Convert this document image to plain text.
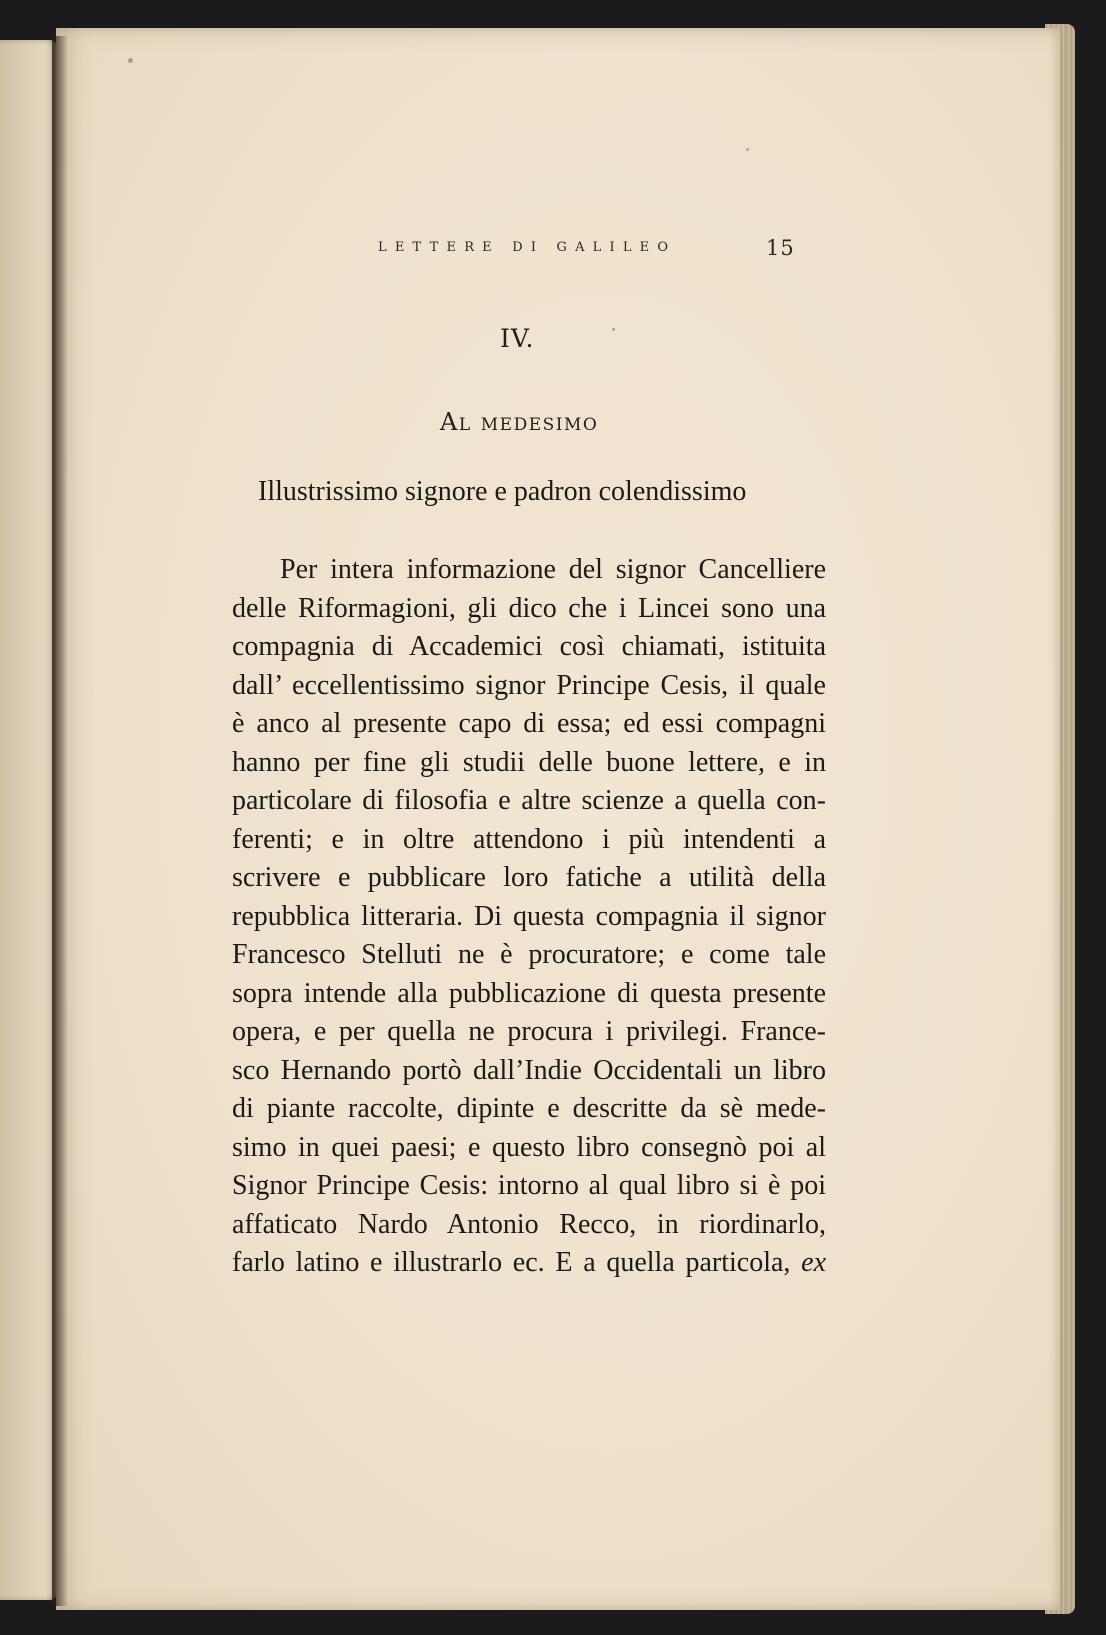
LETTERE DI GALILEO	15
IV.
Al medesimo
Illustrissimo signore e padron colendissimo
Per intera informazione del signor Cancelliere
delle Riformagioni, gli dico che i Lincei sono una
compagnia di Accademici così chiamati, istituita
dall’ eccellentissimo signor Principe Cesis, il quale
è anco al presente capo di essa; ed essi compagni
hanno per fine gli studii delle buone lettere, e in
particolare di filosofia e altre scienze a quella con-
ferenti; e in oltre attendono i più intendenti a
scrivere e pubblicare loro fatiche a utilità della
repubblica litteraria. Di questa compagnia il signor
Francesco Stelluti ne è procuratore; e come tale
sopra intende alla pubblicazione di questa presente
opera, e per quella ne procura i privilegi. France-
sco Hernando portò dall’Indie Occidentali un libro
di piante raccolte, dipinte e descritte da sè mede-
simo in quei paesi; e questo libro consegnò poi al
Signor Principe Cesis: intorno al qual libro si è poi
affaticato Nardo Antonio Recco, in riordinarlo,
farlo latino e illustrarlo ec. E a quella particola, ex
